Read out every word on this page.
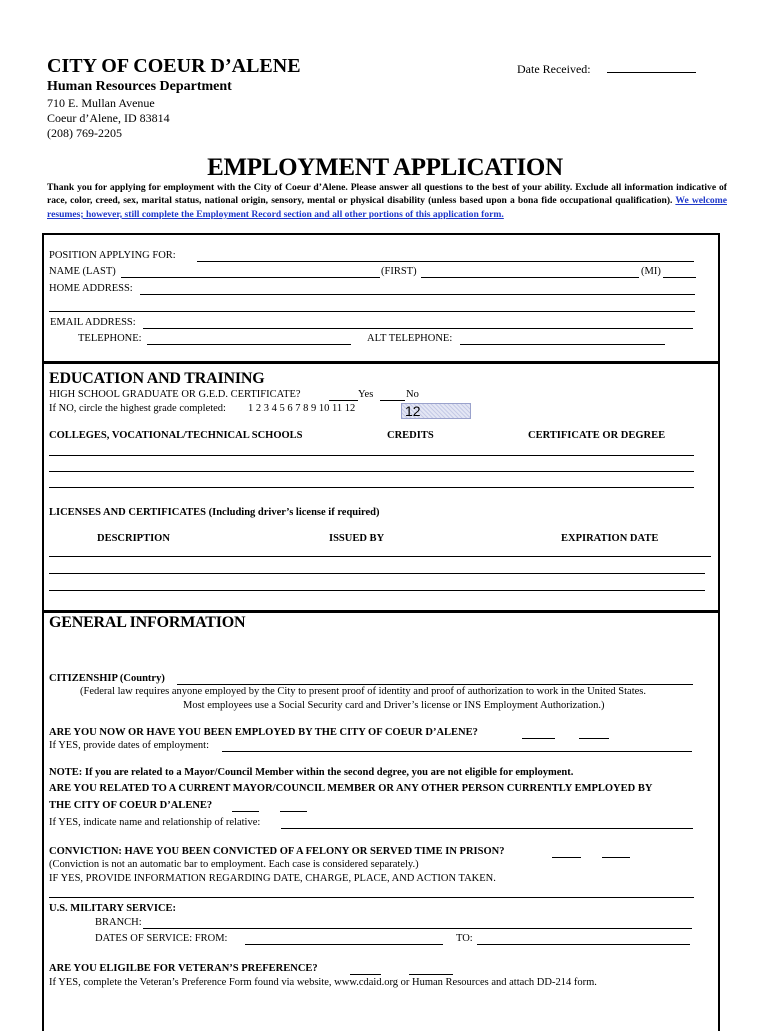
CITY OF COEUR D’ALENE
Human Resources Department
710 E. Mullan Avenue
Coeur d’Alene, ID 83814
(208) 769-2205
Date Received:
EMPLOYMENT APPLICATION
Thank you for applying for employment with the City of Coeur d’Alene. Please answer all questions to the best of your ability. Exclude all information indicative of race, color, creed, sex, marital status, national origin, sensory, mental or physical disability (unless based upon a bona fide occupational qualification). We welcome resumes; however, still complete the Employment Record section and all other portions of this application form.
POSITION APPLYING FOR:
NAME (LAST)	(FIRST)	(MI)
HOME ADDRESS:
EMAIL ADDRESS:
TELEPHONE:	ALT TELEPHONE:
EDUCATION AND TRAINING
HIGH SCHOOL GRADUATE OR G.E.D. CERTIFICATE?	Yes	No
If NO, circle the highest grade completed: 1 2 3 4 5 6 7 8 9 10 11 12	12
COLLEGES, VOCATIONAL/TECHNICAL SCHOOLS	CREDITS	CERTIFICATE OR DEGREE
LICENSES AND CERTIFICATES (Including driver’s license if required)
DESCRIPTION	ISSUED BY	EXPIRATION DATE
GENERAL INFORMATION
CITIZENSHIP (Country)
(Federal law requires anyone employed by the City to present proof of identity and proof of authorization to work in the United States.
Most employees use a Social Security card and Driver’s license or INS Employment Authorization.)
ARE YOU NOW OR HAVE YOU BEEN EMPLOYED BY THE CITY OF COEUR D’ALENE?
If YES, provide dates of employment:
NOTE: If you are related to a Mayor/Council Member within the second degree, you are not eligible for employment.
ARE YOU RELATED TO A CURRENT MAYOR/COUNCIL MEMBER OR ANY OTHER PERSON CURRENTLY EMPLOYED BY
THE CITY OF COEUR D’ALENE?
If YES, indicate name and relationship of relative:
CONVICTION: HAVE YOU BEEN CONVICTED OF A FELONY OR SERVED TIME IN PRISON?
(Conviction is not an automatic bar to employment. Each case is considered separately.)
IF YES, PROVIDE INFORMATION REGARDING DATE, CHARGE, PLACE, AND ACTION TAKEN.
U.S. MILITARY SERVICE:
BRANCH:
DATES OF SERVICE: FROM:	TO:
ARE YOU ELIGILBE FOR VETERAN’S PREFERENCE?
If YES, complete the Veteran’s Preference Form found via website, www.cdaid.org or Human Resources and attach DD-214 form.
